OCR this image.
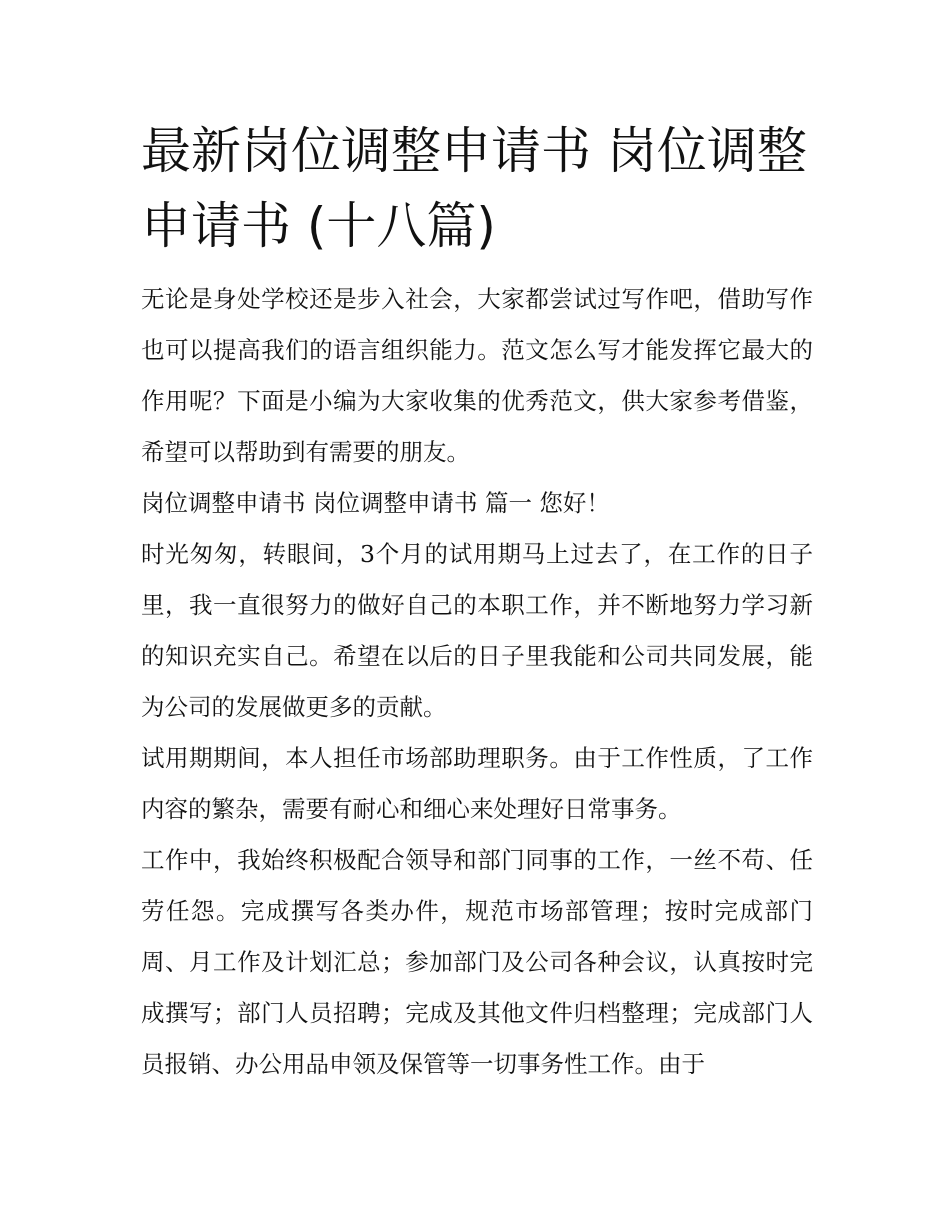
最新岗位调整申请书 岗位调整申请书 (十八篇)

无论是身处学校还是步入社会，大家都尝试过写作吧，借助写作也可以提高我们的语言组织能力。范文怎么写才能发挥它最大的作用呢？下面是小编为大家收集的优秀范文，供大家参考借鉴，希望可以帮助到有需要的朋友。

岗位调整申请书 岗位调整申请书 篇一 您好！

时光匆匆，转眼间，3个月的试用期马上过去了，在工作的日子里，我一直很努力的做好自己的本职工作，并不断地努力学习新的知识充实自己。希望在以后的日子里我能和公司共同发展，能为公司的发展做更多的贡献。

试用期期间，本人担任市场部助理职务。由于工作性质，了工作内容的繁杂，需要有耐心和细心来处理好日常事务。

工作中，我始终积极配合领导和部门同事的工作，一丝不苟、任劳任怨。完成撰写各类办件，规范市场部管理；按时完成部门周、月工作及计划汇总；参加部门及公司各种会议，认真按时完成撰写；部门人员招聘；完成及其他文件归档整理；完成部门人员报销、办公用品申领及保管等一切事务性工作。由于
